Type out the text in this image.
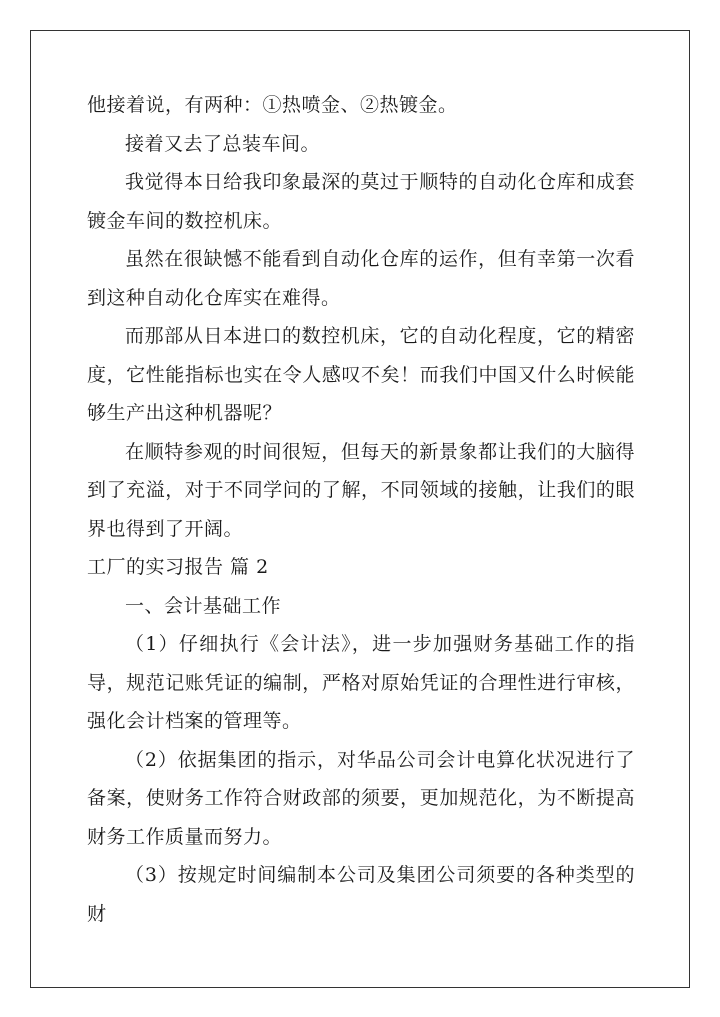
他接着说，有两种：①热喷金、②热镀金。

接着又去了总装车间。

我觉得本日给我印象最深的莫过于顺特的自动化仓库和成套镀金车间的数控机床。

虽然在很缺憾不能看到自动化仓库的运作，但有幸第一次看到这种自动化仓库实在难得。

而那部从日本进口的数控机床，它的自动化程度，它的精密度，它性能指标也实在令人感叹不矣！而我们中国又什么时候能够生产出这种机器呢？

在顺特参观的时间很短，但每天的新景象都让我们的大脑得到了充溢，对于不同学问的了解，不同领域的接触，让我们的眼界也得到了开阔。

工厂的实习报告 篇 2

一、会计基础工作

（1）仔细执行《会计法》，进一步加强财务基础工作的指导，规范记账凭证的编制，严格对原始凭证的合理性进行审核，强化会计档案的管理等。

（2）依据集团的指示，对华品公司会计电算化状况进行了备案，使财务工作符合财政部的须要，更加规范化，为不断提高财务工作质量而努力。

（3）按规定时间编制本公司及集团公司须要的各种类型的财
